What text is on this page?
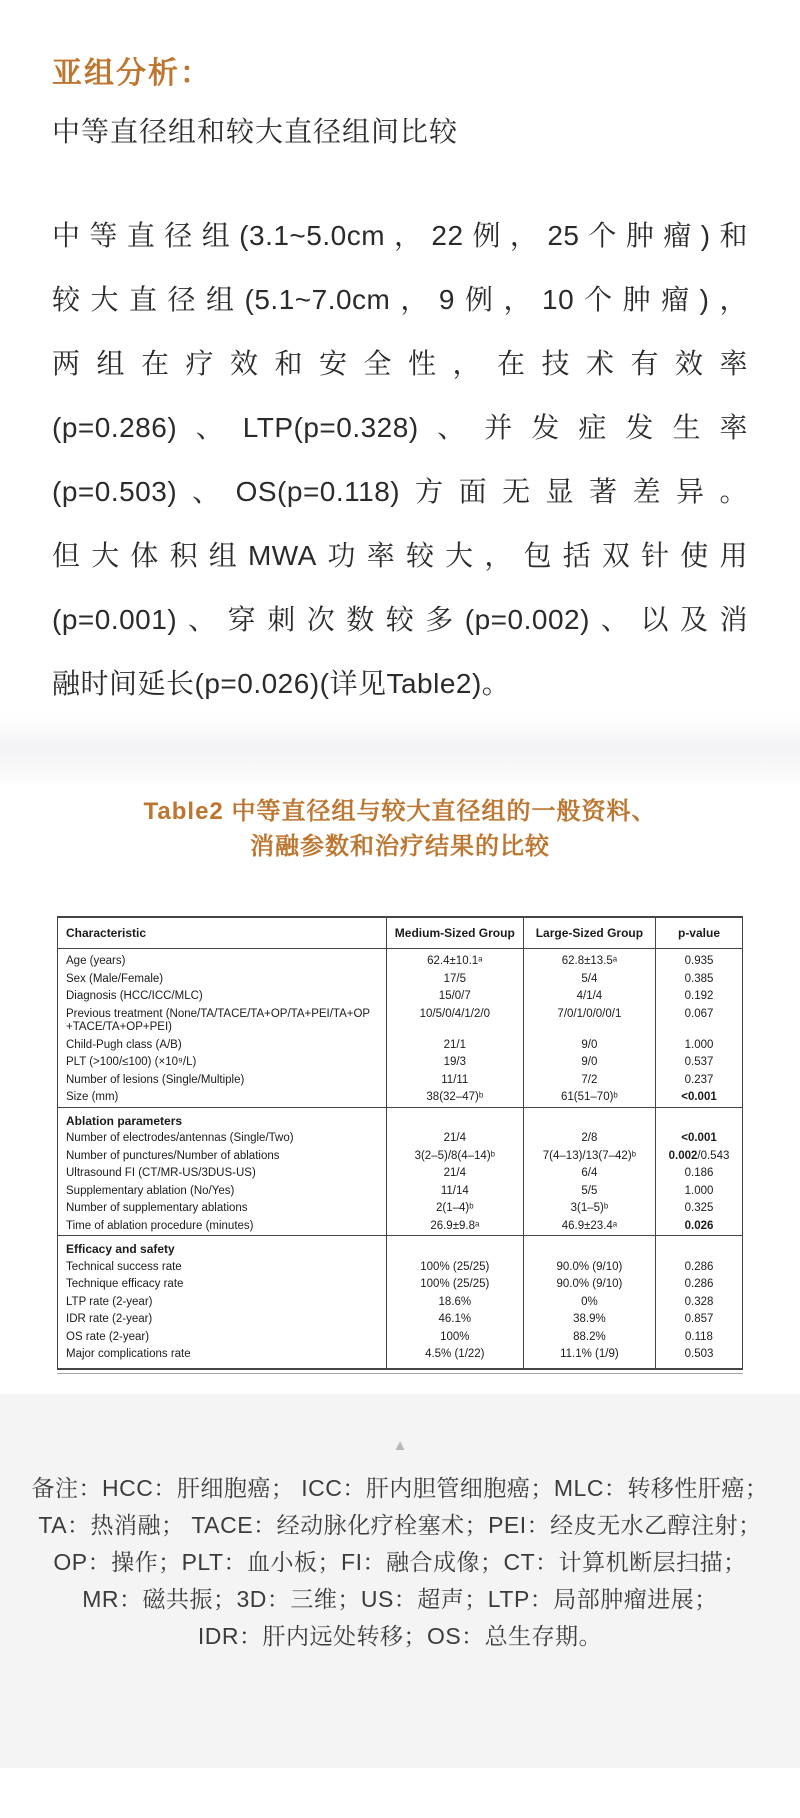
亚组分析：
中等直径组和较大直径组间比较
中等直径组(3.1~5.0cm，22例，25个肿瘤)和
较大直径组(5.1~7.0cm，9例，10个肿瘤)，
两组在疗效和安全性，在技术有效率
(p=0.286)、LTP(p=0.328)、并发症发生率
(p=0.503)、OS(p=0.118)方面无显著差异。
但大体积组MWA功率较大，包括双针使用
(p=0.001)、穿刺次数较多(p=0.002)、以及消
融时间延长(p=0.026)(详见Table2)。
Table2 中等直径组与较大直径组的一般资料、
消融参数和治疗结果的比较
Characteristic	Medium-Sized Group	Large-Sized Group	p-value
Age (years)	62.4±10.1ᵃ	62.8±13.5ᵃ	0.935
Sex (Male/Female)	17/5	5/4	0.385
Diagnosis (HCC/ICC/MLC)	15/0/7	4/1/4	0.192
Previous treatment (None/TA/TACE/TA+OP/TA+PEI/TA+OP +TACE/TA+OP+PEI)	10/5/0/4/1/2/0	7/0/1/0/0/0/1	0.067
Child-Pugh class (A/B)	21/1	9/0	1.000
PLT (>100/≤100) (×10⁹/L)	19/3	9/0	0.537
Number of lesions (Single/Multiple)	11/11	7/2	0.237
Size (mm)	38(32–47)ᵇ	61(51–70)ᵇ	<0.001
Ablation parameters			
Number of electrodes/antennas (Single/Two)	21/4	2/8	<0.001
Number of punctures/Number of ablations	3(2–5)/8(4–14)ᵇ	7(4–13)/13(7–42)ᵇ	0.002/0.543
Ultrasound FI (CT/MR-US/3DUS-US)	21/4	6/4	0.186
Supplementary ablation (No/Yes)	11/14	5/5	1.000
Number of supplementary ablations	2(1–4)ᵇ	3(1–5)ᵇ	0.325
Time of ablation procedure (minutes)	26.9±9.8ᵃ	46.9±23.4ᵃ	0.026
Efficacy and safety			
Technical success rate	100% (25/25)	90.0% (9/10)	0.286
Technique efficacy rate	100% (25/25)	90.0% (9/10)	0.286
LTP rate (2-year)	18.6%	0%	0.328
IDR rate (2-year)	46.1%	38.9%	0.857
OS rate (2-year)	100%	88.2%	0.118
Major complications rate	4.5% (1/22)	11.1% (1/9)	0.503
▲
备注：HCC：肝细胞癌； ICC：肝内胆管细胞癌；MLC：转移性肝癌；
TA：热消融； TACE：经动脉化疗栓塞术；PEI：经皮无水乙醇注射；
OP：操作；PLT：血小板；FI：融合成像；CT：计算机断层扫描；
MR：磁共振；3D：三维；US：超声；LTP：局部肿瘤进展；
IDR：肝内远处转移；OS：总生存期。
